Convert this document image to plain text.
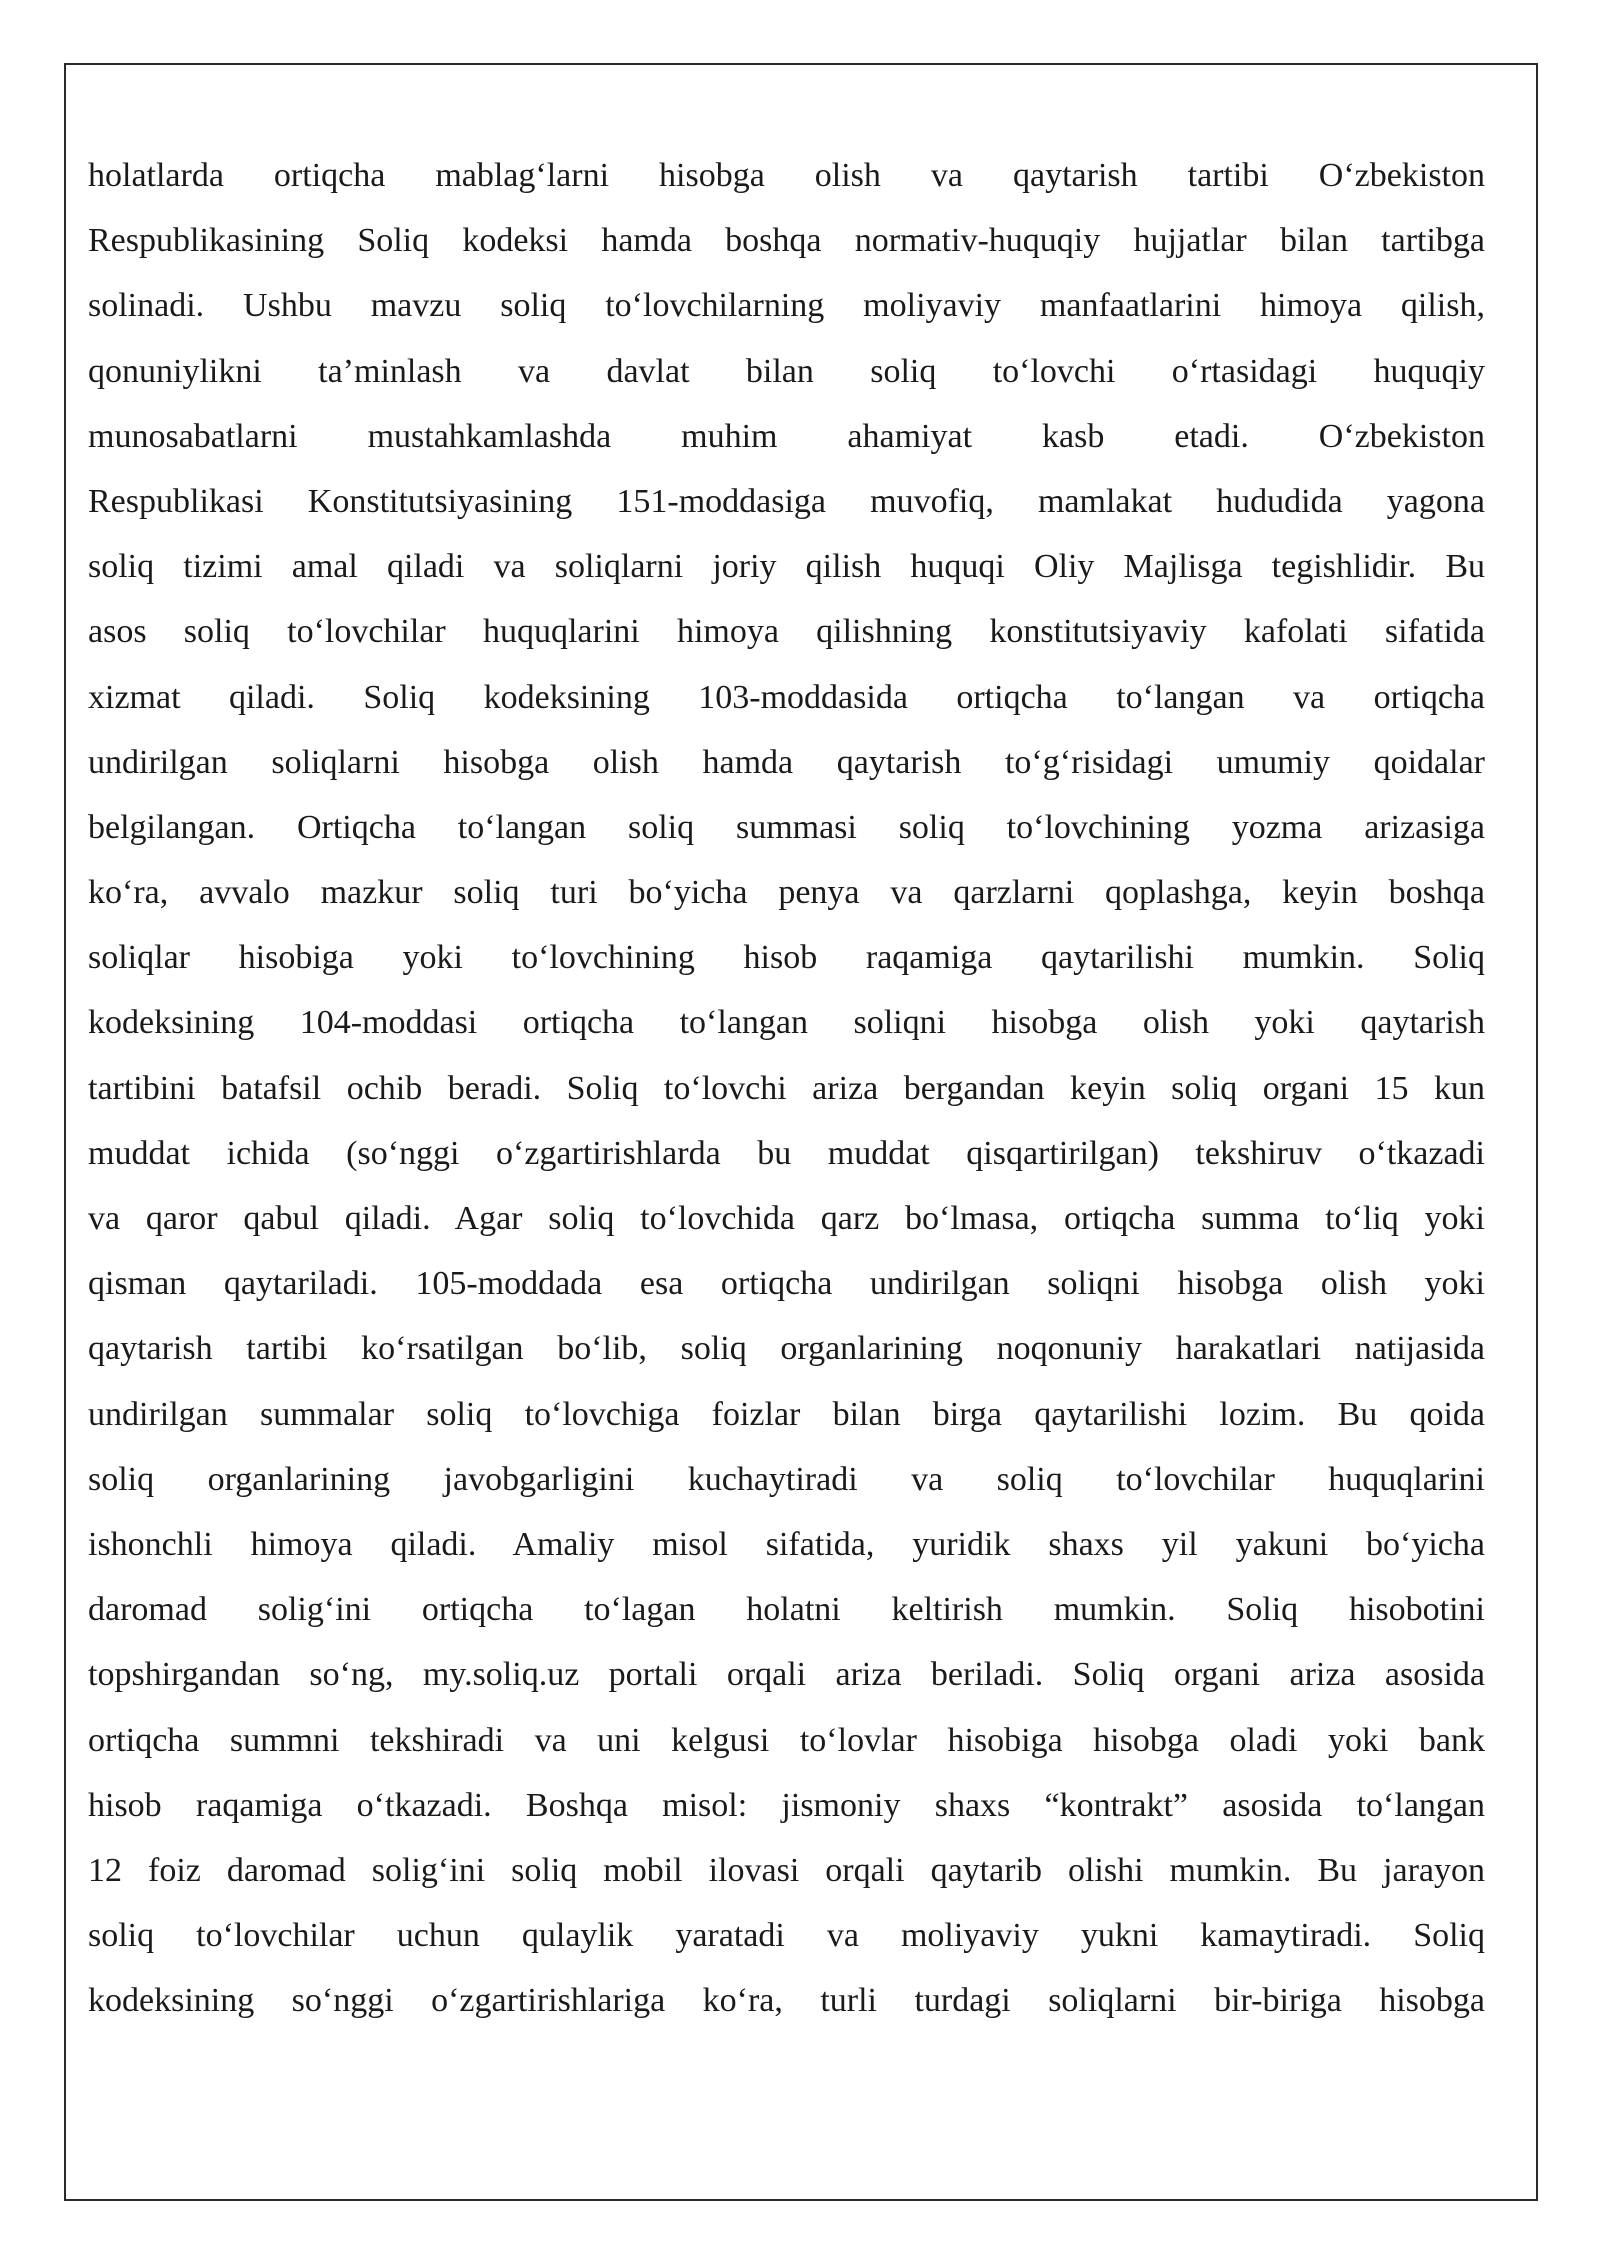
holatlarda ortiqcha mablag‘larni hisobga olish va qaytarish tartibi O‘zbekiston
Respublikasining Soliq kodeksi hamda boshqa normativ-huquqiy hujjatlar bilan tartibga
solinadi. Ushbu mavzu soliq to‘lovchilarning moliyaviy manfaatlarini himoya qilish,
qonuniylikni ta’minlash va davlat bilan soliq to‘lovchi o‘rtasidagi huquqiy
munosabatlarni mustahkamlashda muhim ahamiyat kasb etadi. O‘zbekiston
Respublikasi Konstitutsiyasining 151-moddasiga muvofiq, mamlakat hududida yagona
soliq tizimi amal qiladi va soliqlarni joriy qilish huquqi Oliy Majlisga tegishlidir. Bu
asos soliq to‘lovchilar huquqlarini himoya qilishning konstitutsiyaviy kafolati sifatida
xizmat qiladi. Soliq kodeksining 103-moddasida ortiqcha to‘langan va ortiqcha
undirilgan soliqlarni hisobga olish hamda qaytarish to‘g‘risidagi umumiy qoidalar
belgilangan. Ortiqcha to‘langan soliq summasi soliq to‘lovchining yozma arizasiga
ko‘ra, avvalo mazkur soliq turi bo‘yicha penya va qarzlarni qoplashga, keyin boshqa
soliqlar hisobiga yoki to‘lovchining hisob raqamiga qaytarilishi mumkin. Soliq
kodeksining 104-moddasi ortiqcha to‘langan soliqni hisobga olish yoki qaytarish
tartibini batafsil ochib beradi. Soliq to‘lovchi ariza bergandan keyin soliq organi 15 kun
muddat ichida (so‘nggi o‘zgartirishlarda bu muddat qisqartirilgan) tekshiruv o‘tkazadi
va qaror qabul qiladi. Agar soliq to‘lovchida qarz bo‘lmasa, ortiqcha summa to‘liq yoki
qisman qaytariladi. 105-moddada esa ortiqcha undirilgan soliqni hisobga olish yoki
qaytarish tartibi ko‘rsatilgan bo‘lib, soliq organlarining noqonuniy harakatlari natijasida
undirilgan summalar soliq to‘lovchiga foizlar bilan birga qaytarilishi lozim. Bu qoida
soliq organlarining javobgarligini kuchaytiradi va soliq to‘lovchilar huquqlarini
ishonchli himoya qiladi. Amaliy misol sifatida, yuridik shaxs yil yakuni bo‘yicha
daromad solig‘ini ortiqcha to‘lagan holatni keltirish mumkin. Soliq hisobotini
topshirgandan so‘ng, my.soliq.uz portali orqali ariza beriladi. Soliq organi ariza asosida
ortiqcha summni tekshiradi va uni kelgusi to‘lovlar hisobiga hisobga oladi yoki bank
hisob raqamiga o‘tkazadi. Boshqa misol: jismoniy shaxs “kontrakt” asosida to‘langan
12 foiz daromad solig‘ini soliq mobil ilovasi orqali qaytarib olishi mumkin. Bu jarayon
soliq to‘lovchilar uchun qulaylik yaratadi va moliyaviy yukni kamaytiradi. Soliq
kodeksining so‘nggi o‘zgartirishlariga ko‘ra, turli turdagi soliqlarni bir-biriga hisobga
